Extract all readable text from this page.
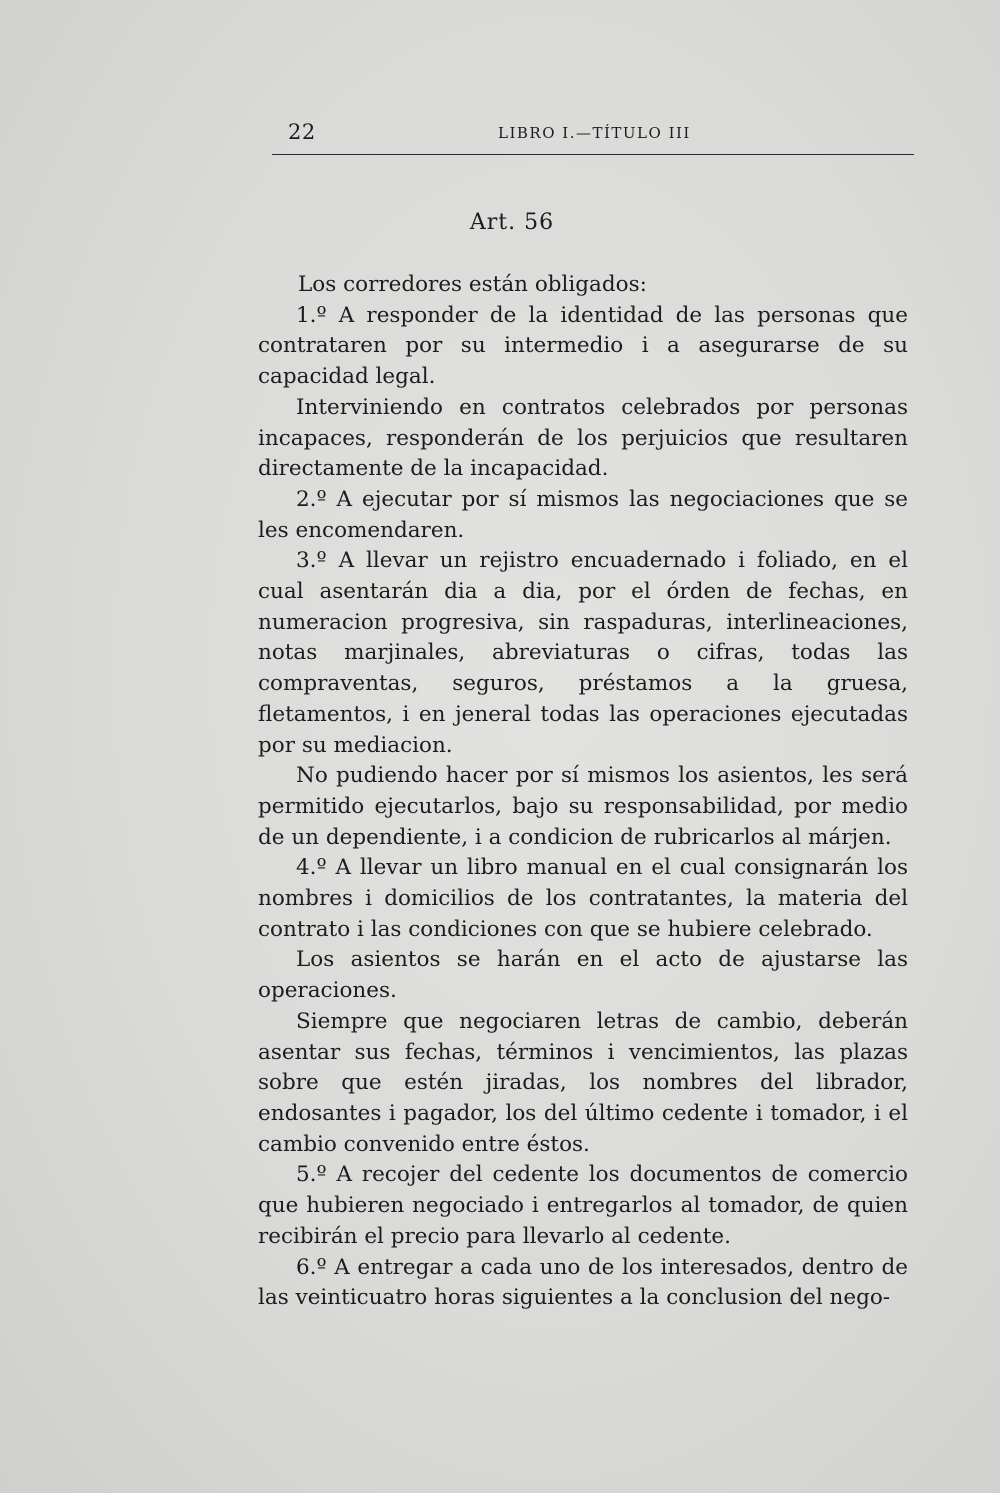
22	LIBRO I.—TÍTULO III
Art. 56

Los corredores están obligados:

1.º A responder de la identidad de las personas que contrataren por su intermedio i a asegurarse de su capacidad legal.

Interviniendo en contratos celebrados por personas incapaces, responderán de los perjuicios que resultaren directamente de la incapacidad.

2.º A ejecutar por sí mismos las negociaciones que se les encomendaren.

3.º A llevar un rejistro encuadernado i foliado, en el cual asentarán dia a dia, por el órden de fechas, en numeracion progresiva, sin raspaduras, interlineaciones, notas marjinales, abreviaturas o cifras, todas las compraventas, seguros, préstamos a la gruesa, fletamentos, i en jeneral todas las operaciones ejecutadas por su mediacion.

No pudiendo hacer por sí mismos los asientos, les será permitido ejecutarlos, bajo su responsabilidad, por medio de un dependiente, i a condicion de rubricarlos al márjen.

4.º A llevar un libro manual en el cual consignarán los nombres i domicilios de los contratantes, la materia del contrato i las condiciones con que se hubiere celebrado.

Los asientos se harán en el acto de ajustarse las operaciones.

Siempre que negociaren letras de cambio, deberán asentar sus fechas, términos i vencimientos, las plazas sobre que estén jiradas, los nombres del librador, endosantes i pagador, los del último cedente i tomador, i el cambio convenido entre éstos.

5.º A recojer del cedente los documentos de comercio que hubieren negociado i entregarlos al tomador, de quien recibirán el precio para llevarlo al cedente.

6.º A entregar a cada uno de los interesados, dentro de las veinticuatro horas siguientes a la conclusion del nego-
